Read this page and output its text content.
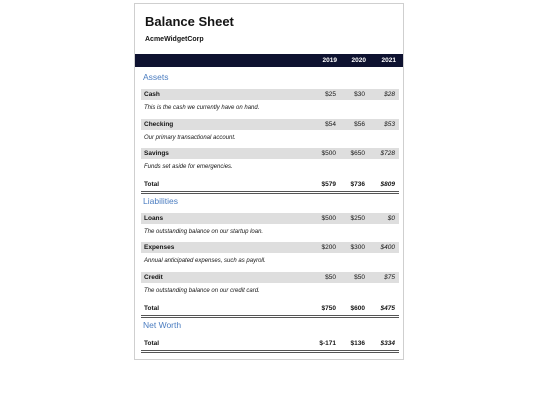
Balance Sheet
AcmeWidgetCorp
2019	2020	2021
Assets
Cash	$25	$30	$28
This is the cash we currently have on hand.
Checking	$54	$56	$53
Our primary transactional account.
Savings	$500	$650	$728
Funds set aside for emergencies.
Total	$579	$736	$809
Liabilities
Loans	$500	$250	$0
The outstanding balance on our startup loan.
Expenses	$200	$300	$400
Annual anticipated expenses, such as payroll.
Credit	$50	$50	$75
The outstanding balance on our credit card.
Total	$750	$600	$475
Net Worth
Total	$-171	$136	$334
